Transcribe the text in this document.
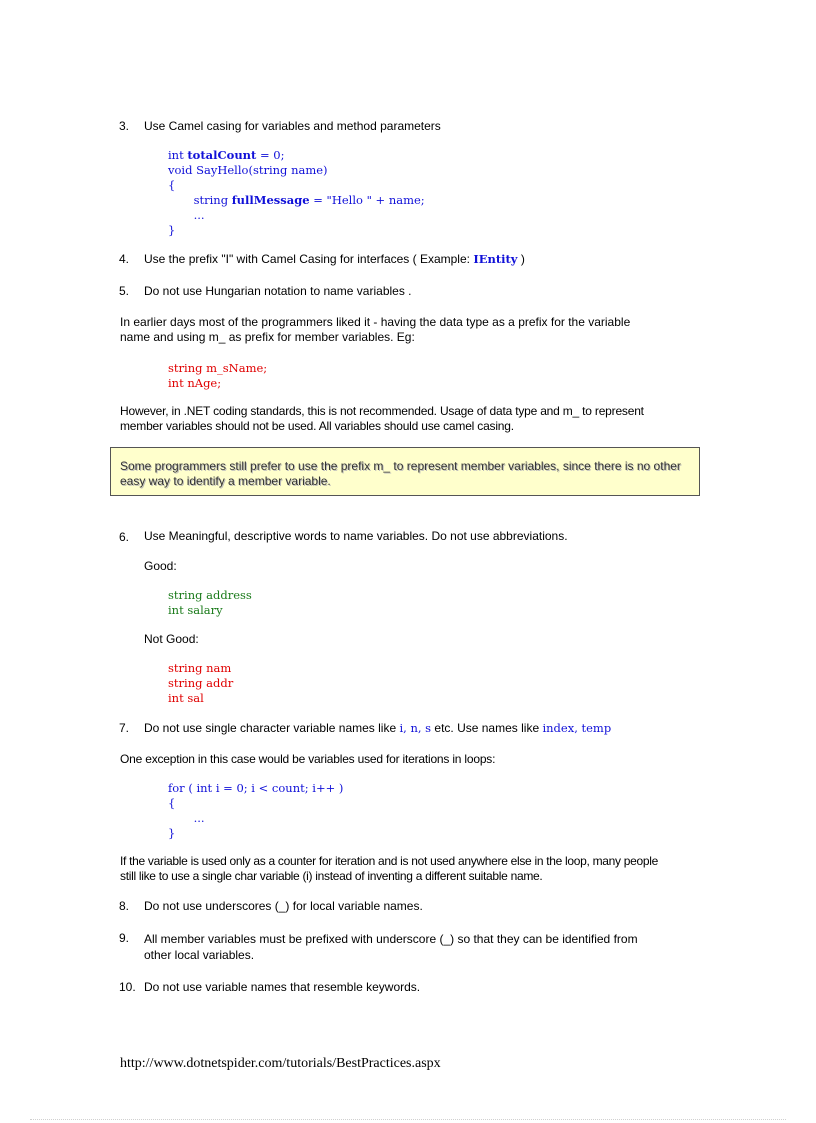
3. Use Camel casing for variables and method parameters
int totalCount = 0;
void SayHello(string name)
{
string fullMessage = "Hello " + name;
...
}
4. Use the prefix "I" with Camel Casing for interfaces ( Example: IEntity )
5. Do not use Hungarian notation to name variables .
In earlier days most of the programmers liked it - having the data type as a prefix for the variable
name and using m_ as prefix for member variables. Eg:
string m_sName;
int nAge;
However, in .NET coding standards, this is not recommended. Usage of data type and m_ to represent
member variables should not be used. All variables should use camel casing.
Some programmers still prefer to use the prefix m_ to represent member variables, since there is no other
easy way to identify a member variable.
6. Use Meaningful, descriptive words to name variables. Do not use abbreviations.
Good:
string address
int salary
Not Good:
string nam
string addr
int sal
7. Do not use single character variable names like i, n, s etc. Use names like index, temp
One exception in this case would be variables used for iterations in loops:
for ( int i = 0; i < count; i++ )
{
...
}
If the variable is used only as a counter for iteration and is not used anywhere else in the loop, many people
still like to use a single char variable (i) instead of inventing a different suitable name.
8. Do not use underscores (_) for local variable names.
9. All member variables must be prefixed with underscore (_) so that they can be identified from
other local variables.
10. Do not use variable names that resemble keywords.
http://www.dotnetspider.com/tutorials/BestPractices.aspx
